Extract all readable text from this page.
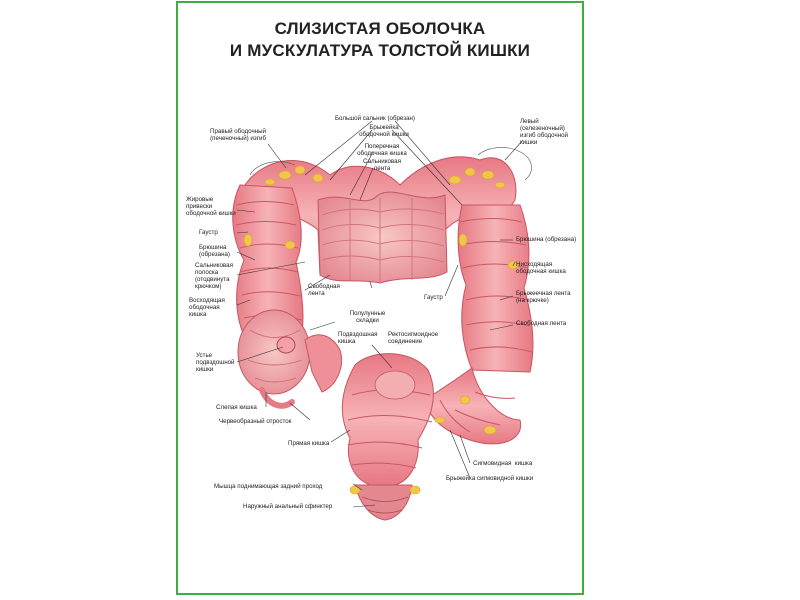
СЛИЗИСТАЯ ОБОЛОЧКА
И МУСКУЛАТУРА ТОЛСТОЙ КИШКИ
Правый ободочный
(печеночный) изгиб
Большой сальник (обрезан)
Брыжейка
ободочной кишки
Поперечная
ободочная кишка
Сальниковая
лента
Левый
(селезеночный)
изгиб ободочной
кишки
Жировые
привески
ободочной кишки
Гаустр
Брюшина
(обрезана)
Сальниковая
полоска
(отодвинута
крючком)
Восходящая
ободочная
кишка
Свободная
лента
Полулунные
складки
Подвздошная
кишка
Ректосигмоидное
соединение
Устье
подвздошной
кишки
Слепая кишка
Червеобразный отросток
Прямая кишка
Мышца поднимающая задний проход
Наружный анальный сфинктер
Брюшина (обрезана)
Нисходящая
ободочная кишка
Гаустр
Брыжеечная лента
(на крючке)
Свободная лента
Сигмовидная  кишка
Брыжейка сигмовидной кишки
